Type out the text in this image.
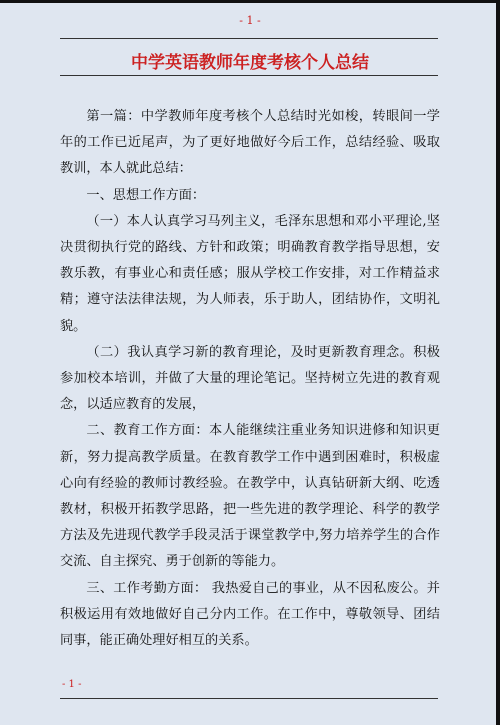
- 1 -
中学英语教师年度考核个人总结

第一篇：中学教师年度考核个人总结时光如梭，转眼间一学年的工作已近尾声，为了更好地做好今后工作，总结经验、吸取教训，本人就此总结：

一、思想工作方面：

（一）本人认真学习马列主义，毛泽东思想和邓小平理论,坚决贯彻执行党的路线、方针和政策；明确教育教学指导思想，安教乐教，有事业心和责任感；服从学校工作安排，对工作精益求精；遵守法法律法规，为人师表，乐于助人，团结协作，文明礼貌。

（二）我认真学习新的教育理论，及时更新教育理念。积极参加校本培训，并做了大量的理论笔记。坚持树立先进的教育观念，以适应教育的发展，

二、教育工作方面：本人能继续注重业务知识进修和知识更新，努力提高教学质量。在教育教学工作中遇到困难时，积极虚心向有经验的教师讨教经验。在教学中，认真钻研新大纲、吃透教材，积极开拓教学思路，把一些先进的教学理论、科学的教学方法及先进现代教学手段灵活于课堂教学中,努力培养学生的合作交流、自主探究、勇于创新的等能力。

三、工作考勤方面： 我热爱自己的事业，从不因私废公。并积极运用有效地做好自己分内工作。在工作中，尊敬领导、团结同事，能正确处理好相互的关系。

- 1 -
